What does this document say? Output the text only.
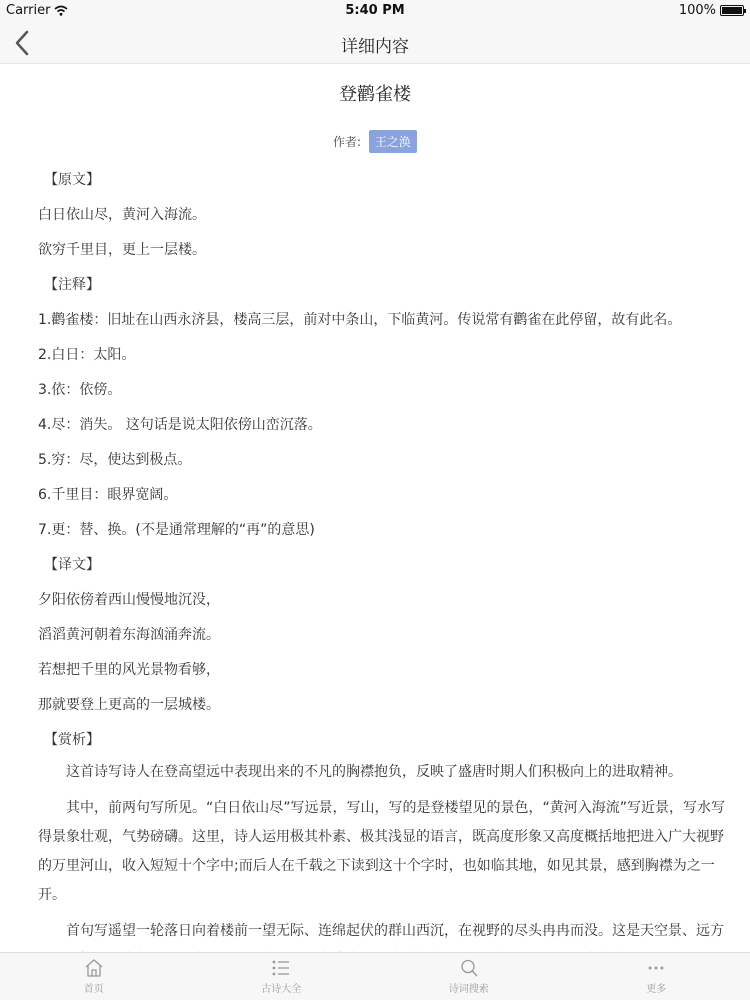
Carrier	5:40 PM	100%
详细内容
登鹳雀楼
作者: 王之涣
【原文】
白日依山尽，黄河入海流。
欲穷千里目，更上一层楼。
【注释】
1.鹳雀楼：旧址在山西永济县，楼高三层，前对中条山，下临黄河。传说常有鹳雀在此停留，故有此名。
2.白日：太阳。
3.依：依傍。
4.尽：消失。 这句话是说太阳依傍山峦沉落。
5.穷：尽，使达到极点。
6.千里目：眼界宽阔。
7.更：替、换。(不是通常理解的“再”的意思)
【译文】
夕阳依傍着西山慢慢地沉没，
滔滔黄河朝着东海汹涌奔流。
若想把千里的风光景物看够，
那就要登上更高的一层城楼。
【赏析】

这首诗写诗人在登高望远中表现出来的不凡的胸襟抱负，反映了盛唐时期人们积极向上的进取精神。

其中，前两句写所见。“白日依山尽”写远景，写山，写的是登楼望见的景色，“黄河入海流”写近景，写水写得景象壮观，气势磅礴。这里，诗人运用极其朴素、极其浅显的语言，既高度形象又高度概括地把进入广大视野的万里河山，收入短短十个字中;而后人在千载之下读到这十个字时，也如临其地，如见其景，感到胸襟为之一开。

首句写遥望一轮落日向着楼前一望无际、连绵起伏的群山西沉，在视野的尽头冉冉而没。这是天空景、远方

首页	古诗大全	诗词搜索	更多
